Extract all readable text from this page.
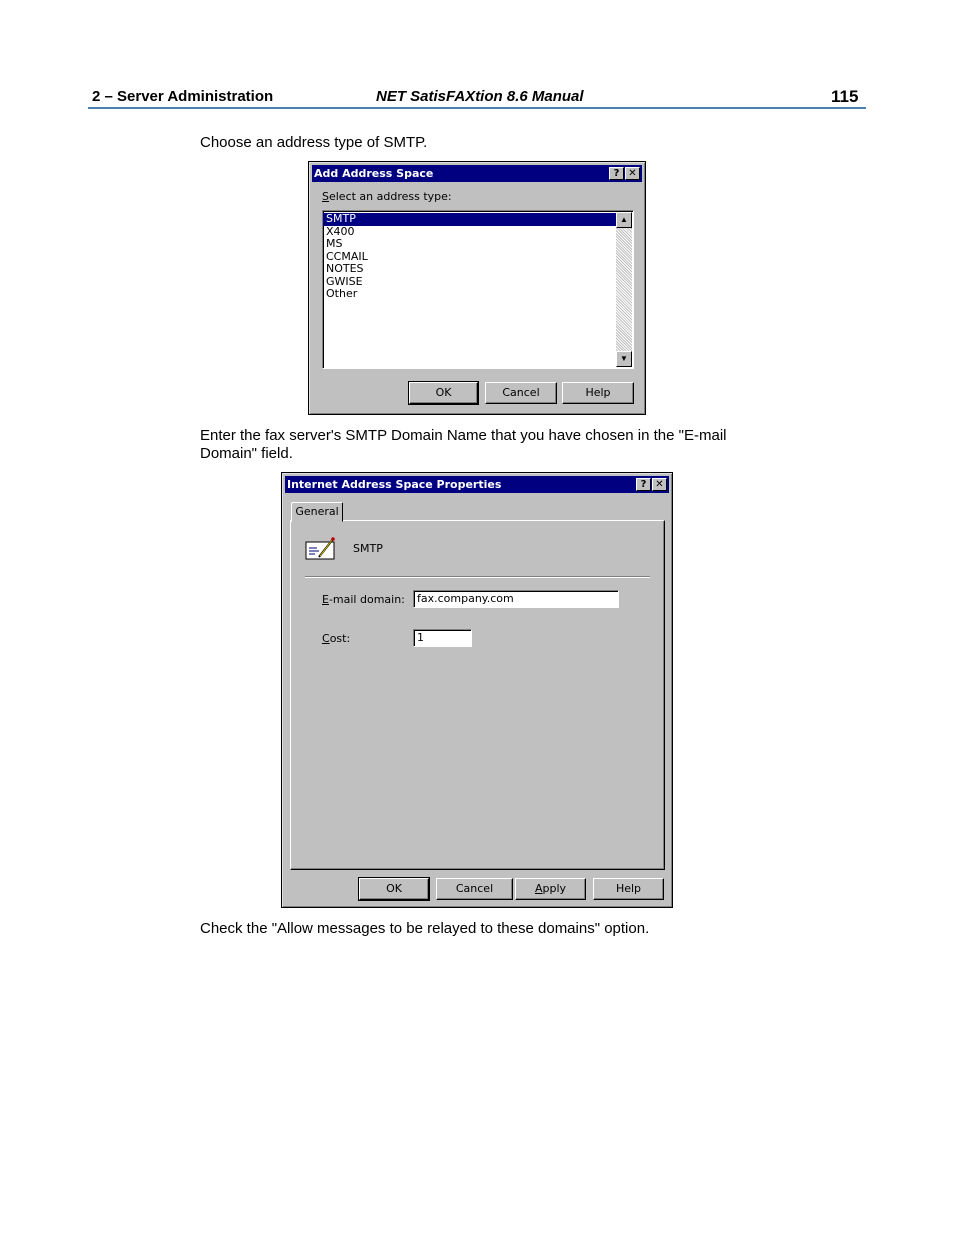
2 – Server Administration	NET SatisFAXtion 8.6 Manual	115
Choose an address type of SMTP.
Add Address Space	? ✕
Select an address type:
SMTP
X400
MS
CCMAIL
NOTES
GWISE
Other
▲
▼
OK	Cancel	Help
Enter the fax server's SMTP Domain Name that you have chosen in the "E-mail Domain" field.
Internet Address Space Properties	? ✕
General
SMTP
E-mail domain:	fax.company.com
Cost:	1
OK	Cancel	Apply	Help
Check the "Allow messages to be relayed to these domains" option.
